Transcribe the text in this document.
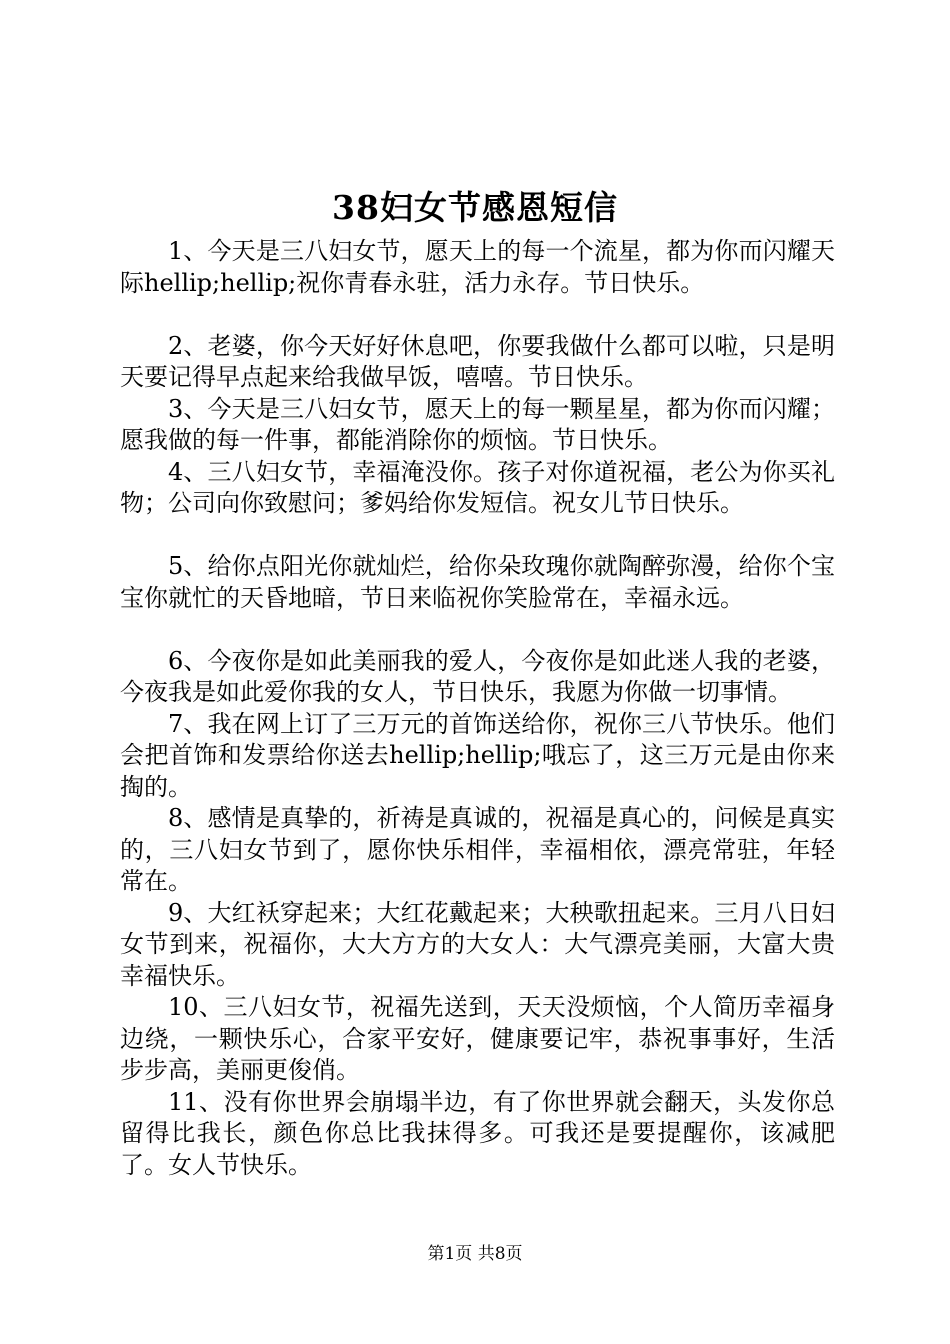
38妇女节感恩短信

1、今天是三八妇女节，愿天上的每一个流星，都为你而闪耀天际hellip;hellip;祝你青春永驻，活力永存。节日快乐。

2、老婆，你今天好好休息吧，你要我做什么都可以啦，只是明天要记得早点起来给我做早饭，嘻嘻。节日快乐。

3、今天是三八妇女节，愿天上的每一颗星星，都为你而闪耀；愿我做的每一件事，都能消除你的烦恼。节日快乐。

4、三八妇女节，幸福淹没你。孩子对你道祝福，老公为你买礼物；公司向你致慰问；爹妈给你发短信。祝女儿节日快乐。

5、给你点阳光你就灿烂，给你朵玫瑰你就陶醉弥漫，给你个宝宝你就忙的天昏地暗，节日来临祝你笑脸常在，幸福永远。

6、今夜你是如此美丽我的爱人，今夜你是如此迷人我的老婆，今夜我是如此爱你我的女人，节日快乐，我愿为你做一切事情。

7、我在网上订了三万元的首饰送给你，祝你三八节快乐。他们会把首饰和发票给你送去hellip;hellip;哦忘了，这三万元是由你来掏的。

8、感情是真挚的，祈祷是真诚的，祝福是真心的，问候是真实的，三八妇女节到了，愿你快乐相伴，幸福相依，漂亮常驻，年轻常在。

9、大红袄穿起来；大红花戴起来；大秧歌扭起来。三月八日妇女节到来，祝福你，大大方方的大女人：大气漂亮美丽，大富大贵幸福快乐。

10、三八妇女节，祝福先送到，天天没烦恼，个人简历幸福身边绕，一颗快乐心，合家平安好，健康要记牢，恭祝事事好，生活步步高，美丽更俊俏。

11、没有你世界会崩塌半边，有了你世界就会翻天，头发你总留得比我长，颜色你总比我抹得多。可我还是要提醒你，该减肥了。女人节快乐。

第1页 共8页
